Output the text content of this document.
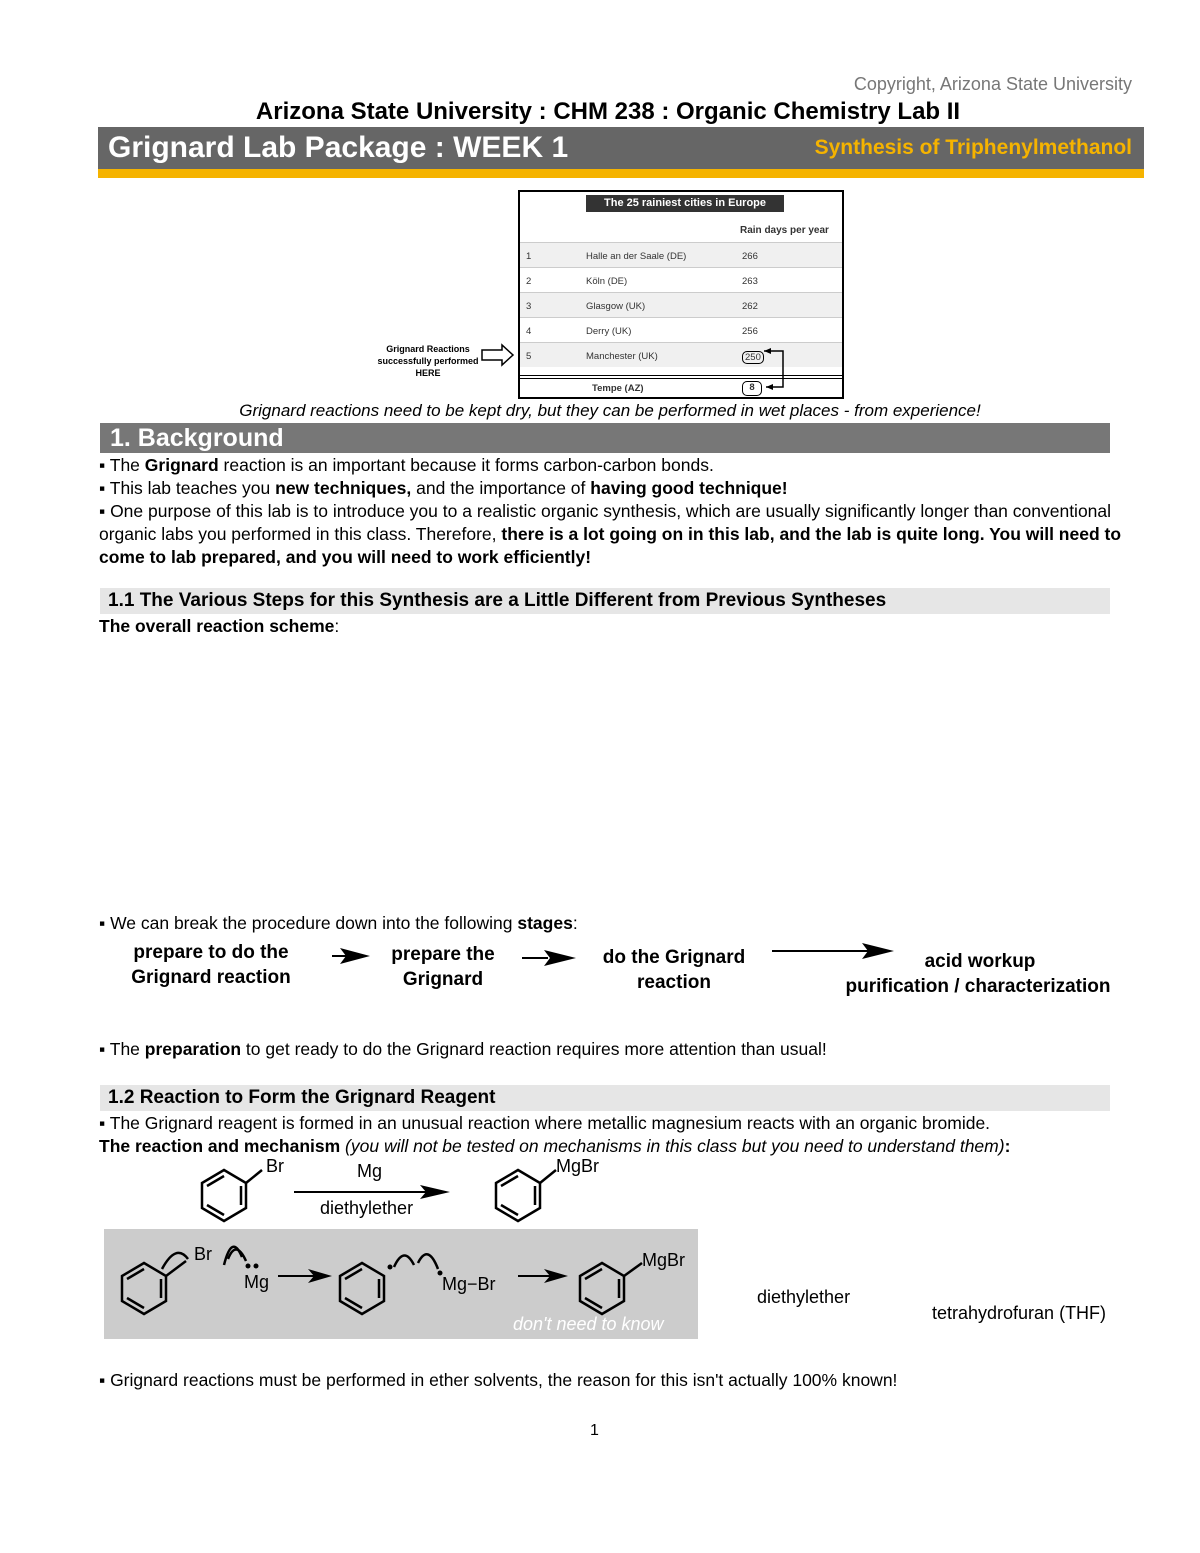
Copyright, Arizona State University
Arizona State University : CHM 238 : Organic Chemistry Lab II
Grignard Lab Package : WEEK 1	Synthesis of Triphenylmethanol
The 25 rainiest cities in Europe
Rain days per year
1	Halle an der Saale (DE)	266
2	Köln (DE)	263
3	Glasgow (UK)	262
4	Derry (UK)	256
5	Manchester (UK)	250
Tempe (AZ)	8
Grignard Reactions successfully performed HERE
Grignard reactions need to be kept dry, but they can be performed in wet places - from experience!
1. Background
▪ The Grignard reaction is an important because it forms carbon-carbon bonds.
▪ This lab teaches you new techniques, and the importance of having good technique!
▪ One purpose of this lab is to introduce you to a realistic organic synthesis, which are usually significantly longer than conventional organic labs you performed in this class. Therefore, there is a lot going on in this lab, and the lab is quite long. You will need to come to lab prepared, and you will need to work efficiently!
1.1 The Various Steps for this Synthesis are a Little Different from Previous Syntheses
The overall reaction scheme:
▪ We can break the procedure down into the following stages:
prepare to do the Grignard reaction
prepare the Grignard
do the Grignard reaction
acid workup
purification / characterization
▪ The preparation to get ready to do the Grignard reaction requires more attention than usual!
1.2 Reaction to Form the Grignard Reagent
▪ The Grignard reagent is formed in an unusual reaction where metallic magnesium reacts with an organic bromide.
The reaction and mechanism (you will not be tested on mechanisms in this class but you need to understand them):
Br	Mg
diethylether
MgBr
Br
Mg	Mg−Br
MgBr
don't need to know
diethylether
tetrahydrofuran (THF)
▪ Grignard reactions must be performed in ether solvents, the reason for this isn't actually 100% known!
1
